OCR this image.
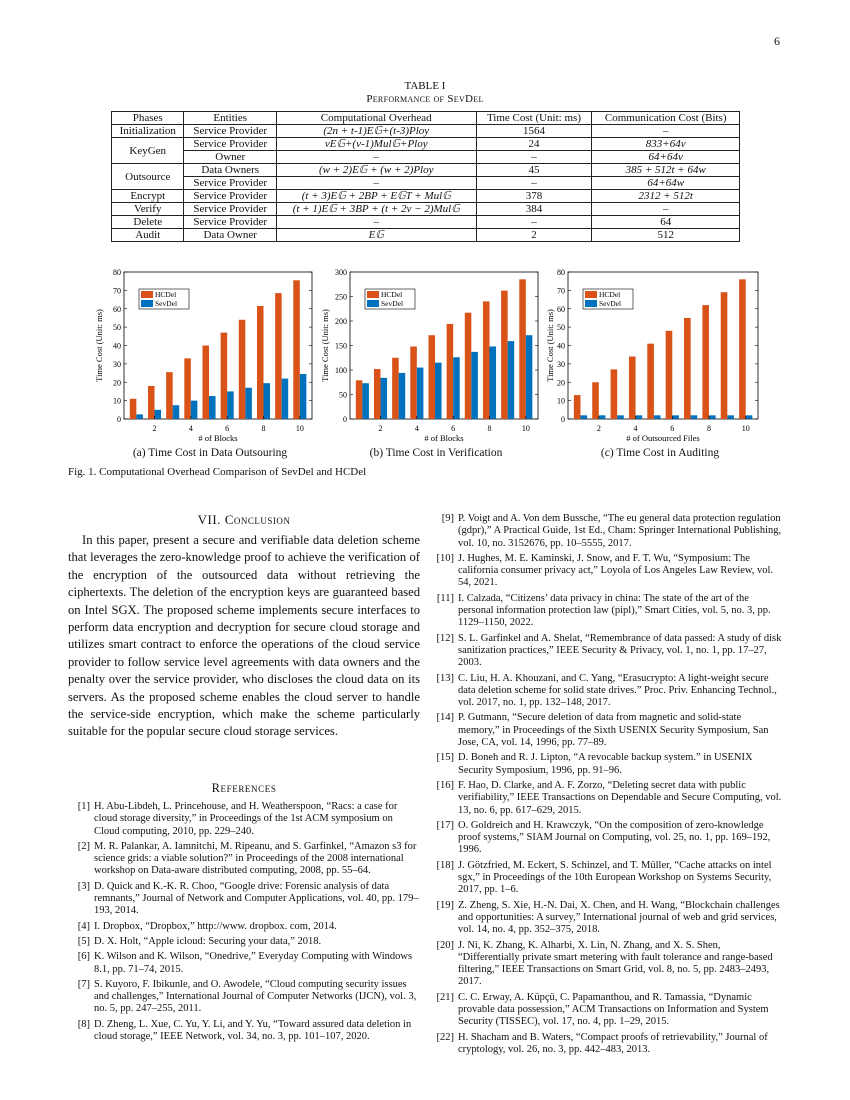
6
TABLE I
Performance of SevDel
Phases	Entities	Computational Overhead	Time Cost (Unit: ms)	Communication Cost (Bits)
Initialization	Service Provider	(2n + t-1)E𝔾+(t-3)Ploy	1564	–
KeyGen	Service Provider	vE𝔾+(v-1)Mul𝔾+Ploy	24	833+64v
	Owner	–	–	64+64v
Outsource	Data Owners	(w + 2)E𝔾 + (w + 2)Ploy	45	385 + 512t + 64w
	Service Provider	–	–	64+64w
Encrypt	Service Provider	(t + 3)E𝔾 + 2BP + E𝔾T + Mul𝔾	378	2312 + 512t
Verify	Service Provider	(t + 1)E𝔾 + 3BP + (t + 2v − 2)Mul𝔾	384	–
Delete	Service Provider	–	–	64
Audit	Data Owner	E𝔾	2	512
0
10
20
30
40
50
60
70
80
2	4	6	8	10
# of Blocks
Time Cost (Unit: ms)
HCDel
SevDel
0
50
100
150
200
250
300
2	4	6	8	10
# of Blocks
Time Cost (Unit: ms)
HCDel
SevDel
0
10
20
30
40
50
60
70
80
2	4	6	8	10
# of Outsourced Files
Time Cost (Unit: ms)
HCDel
SevDel
(a) Time Cost in Data Outsouring	(b) Time Cost in Verification	(c) Time Cost in Auditing
Fig. 1. Computational Overhead Comparison of SevDel and HCDel
VII. Conclusion
In this paper, present a secure and verifiable data deletion scheme that leverages the zero-knowledge proof to achieve the verification of the encryption of the outsourced data without retrieving the ciphertexts. The deletion of the encryption keys are guaranteed based on Intel SGX. The proposed scheme implements secure interfaces to perform data encryption and decryption for secure cloud storage and utilizes smart contract to enforce the operations of the cloud service provider to follow service level agreements with data owners and the penalty over the service provider, who discloses the cloud data on its servers. As the proposed scheme enables the cloud server to handle the service-side encryption, which make the scheme particularly suitable for the popular secure cloud storage services.
References
[1] H. Abu-Libdeh, L. Princehouse, and H. Weatherspoon, “Racs: a case for cloud storage diversity,” in Proceedings of the 1st ACM symposium on Cloud computing, 2010, pp. 229–240.
[2] M. R. Palankar, A. Iamnitchi, M. Ripeanu, and S. Garfinkel, “Amazon s3 for science grids: a viable solution?” in Proceedings of the 2008 international workshop on Data-aware distributed computing, 2008, pp. 55–64.
[3] D. Quick and K.-K. R. Choo, “Google drive: Forensic analysis of data remnants,” Journal of Network and Computer Applications, vol. 40, pp. 179–193, 2014.
[4] I. Dropbox, “Dropbox,” http://www. dropbox. com, 2014.
[5] D. X. Holt, “Apple icloud: Securing your data,” 2018.
[6] K. Wilson and K. Wilson, “Onedrive,” Everyday Computing with Windows 8.1, pp. 71–74, 2015.
[7] S. Kuyoro, F. Ibikunle, and O. Awodele, “Cloud computing security issues and challenges,” International Journal of Computer Networks (IJCN), vol. 3, no. 5, pp. 247–255, 2011.
[8] D. Zheng, L. Xue, C. Yu, Y. Li, and Y. Yu, “Toward assured data deletion in cloud storage,” IEEE Network, vol. 34, no. 3, pp. 101–107, 2020.
[9] P. Voigt and A. Von dem Bussche, “The eu general data protection regulation (gdpr),” A Practical Guide, 1st Ed., Cham: Springer International Publishing, vol. 10, no. 3152676, pp. 10–5555, 2017.
[10] J. Hughes, M. E. Kaminski, J. Snow, and F. T. Wu, “Symposium: The california consumer privacy act,” Loyola of Los Angeles Law Review, vol. 54, 2021.
[11] I. Calzada, “Citizens’ data privacy in china: The state of the art of the personal information protection law (pipl),” Smart Cities, vol. 5, no. 3, pp. 1129–1150, 2022.
[12] S. L. Garfinkel and A. Shelat, “Remembrance of data passed: A study of disk sanitization practices,” IEEE Security & Privacy, vol. 1, no. 1, pp. 17–27, 2003.
[13] C. Liu, H. A. Khouzani, and C. Yang, “Erasucrypto: A light-weight secure data deletion scheme for solid state drives.” Proc. Priv. Enhancing Technol., vol. 2017, no. 1, pp. 132–148, 2017.
[14] P. Gutmann, “Secure deletion of data from magnetic and solid-state memory,” in Proceedings of the Sixth USENIX Security Symposium, San Jose, CA, vol. 14, 1996, pp. 77–89.
[15] D. Boneh and R. J. Lipton, “A revocable backup system.” in USENIX Security Symposium, 1996, pp. 91–96.
[16] F. Hao, D. Clarke, and A. F. Zorzo, “Deleting secret data with public verifiability,” IEEE Transactions on Dependable and Secure Computing, vol. 13, no. 6, pp. 617–629, 2015.
[17] O. Goldreich and H. Krawczyk, “On the composition of zero-knowledge proof systems,” SIAM Journal on Computing, vol. 25, no. 1, pp. 169–192, 1996.
[18] J. Götzfried, M. Eckert, S. Schinzel, and T. Müller, “Cache attacks on intel sgx,” in Proceedings of the 10th European Workshop on Systems Security, 2017, pp. 1–6.
[19] Z. Zheng, S. Xie, H.-N. Dai, X. Chen, and H. Wang, “Blockchain challenges and opportunities: A survey,” International journal of web and grid services, vol. 14, no. 4, pp. 352–375, 2018.
[20] J. Ni, K. Zhang, K. Alharbi, X. Lin, N. Zhang, and X. S. Shen, “Differentially private smart metering with fault tolerance and range-based filtering,” IEEE Transactions on Smart Grid, vol. 8, no. 5, pp. 2483–2493, 2017.
[21] C. C. Erway, A. Küpçü, C. Papamanthou, and R. Tamassia, “Dynamic provable data possession,” ACM Transactions on Information and System Security (TISSEC), vol. 17, no. 4, pp. 1–29, 2015.
[22] H. Shacham and B. Waters, “Compact proofs of retrievability,” Journal of cryptology, vol. 26, no. 3, pp. 442–483, 2013.
